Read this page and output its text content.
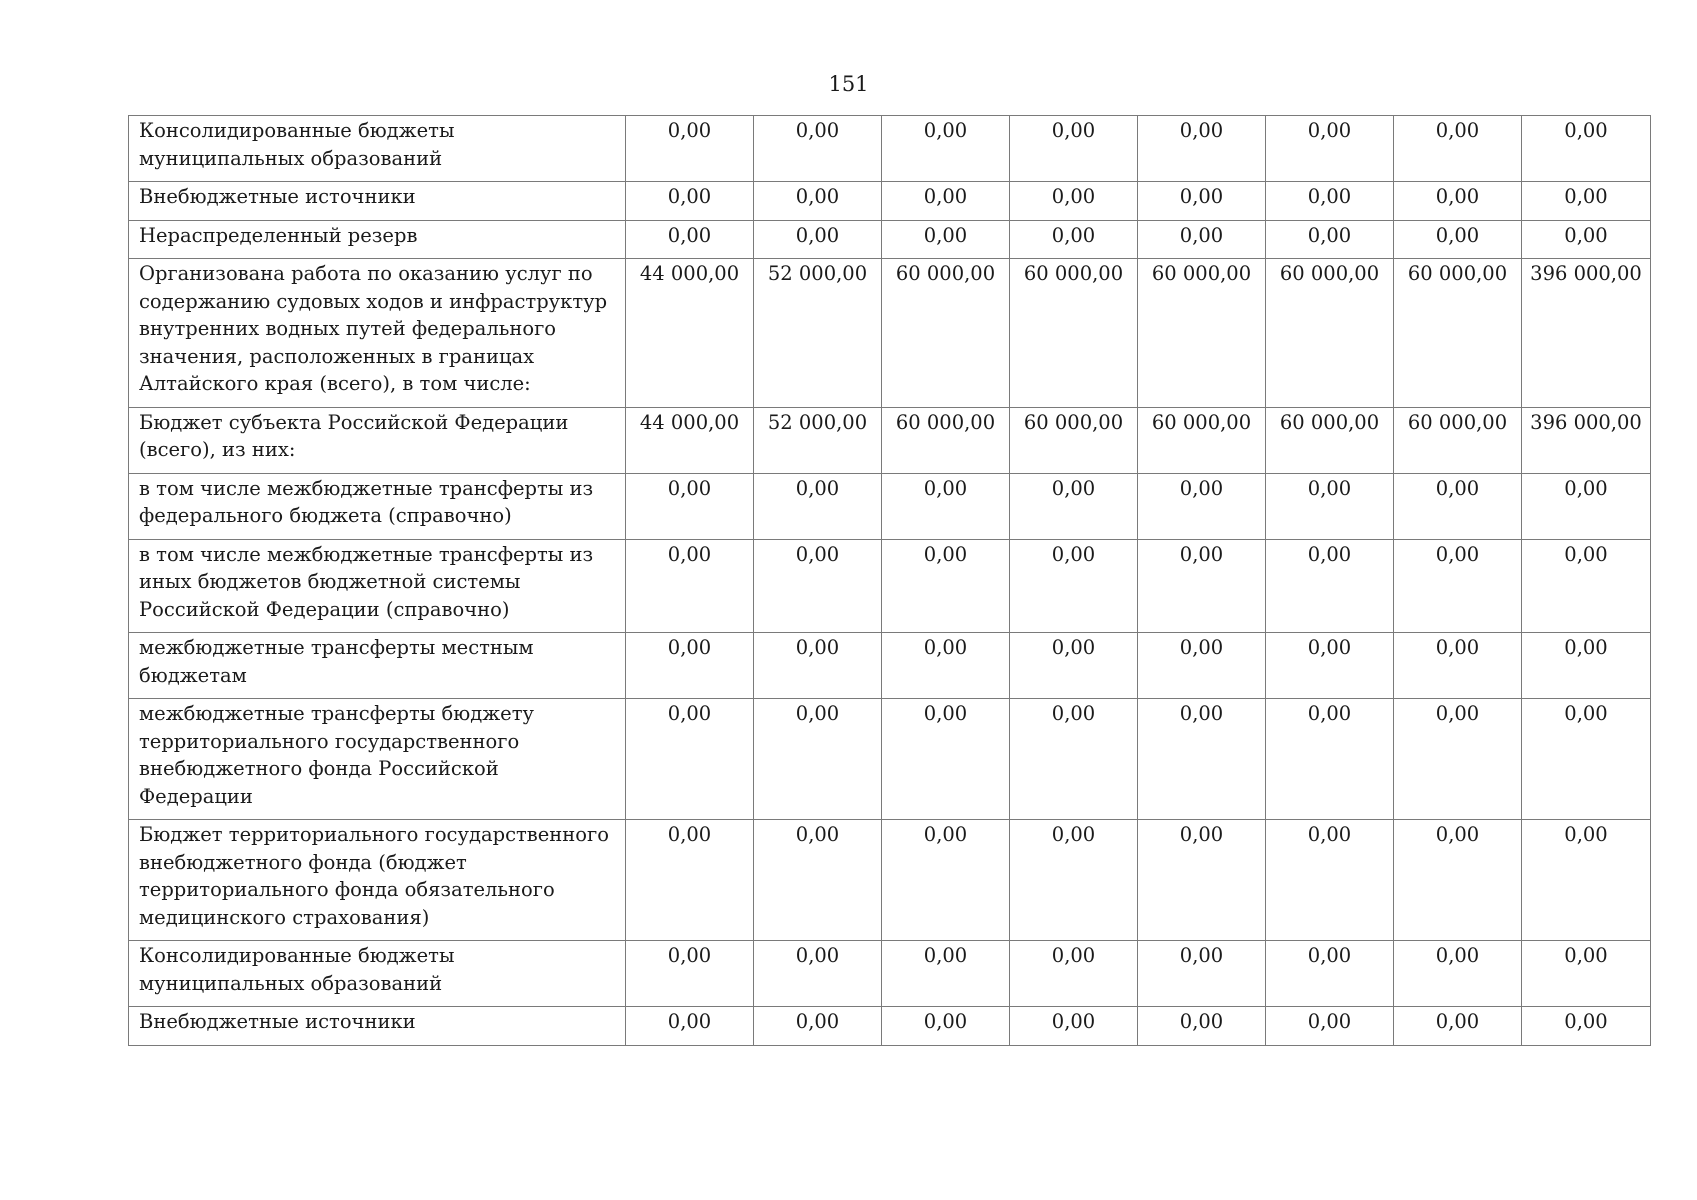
151
Консолидированные бюджеты муниципальных образований	0,00	0,00	0,00	0,00	0,00	0,00	0,00	0,00
Внебюджетные источники	0,00	0,00	0,00	0,00	0,00	0,00	0,00	0,00
Нераспределенный резерв	0,00	0,00	0,00	0,00	0,00	0,00	0,00	0,00
Организована работа по оказанию услуг по содержанию судовых ходов и инфраструктур внутренних водных путей федерального значения, расположенных в границах Алтайского края (всего), в том числе:	44 000,00	52 000,00	60 000,00	60 000,00	60 000,00	60 000,00	60 000,00	396 000,00
Бюджет субъекта Российской Федерации (всего), из них:	44 000,00	52 000,00	60 000,00	60 000,00	60 000,00	60 000,00	60 000,00	396 000,00
в том числе межбюджетные трансферты из федерального бюджета (справочно)	0,00	0,00	0,00	0,00	0,00	0,00	0,00	0,00
в том числе межбюджетные трансферты из иных бюджетов бюджетной системы Российской Федерации (справочно)	0,00	0,00	0,00	0,00	0,00	0,00	0,00	0,00
межбюджетные трансферты местным бюджетам	0,00	0,00	0,00	0,00	0,00	0,00	0,00	0,00
межбюджетные трансферты бюджету территориального государственного внебюджетного фонда Российской Федерации	0,00	0,00	0,00	0,00	0,00	0,00	0,00	0,00
Бюджет территориального государственного внебюджетного фонда (бюджет территориального фонда обязательного медицинского страхования)	0,00	0,00	0,00	0,00	0,00	0,00	0,00	0,00
Консолидированные бюджеты муниципальных образований	0,00	0,00	0,00	0,00	0,00	0,00	0,00	0,00
Внебюджетные источники	0,00	0,00	0,00	0,00	0,00	0,00	0,00	0,00
